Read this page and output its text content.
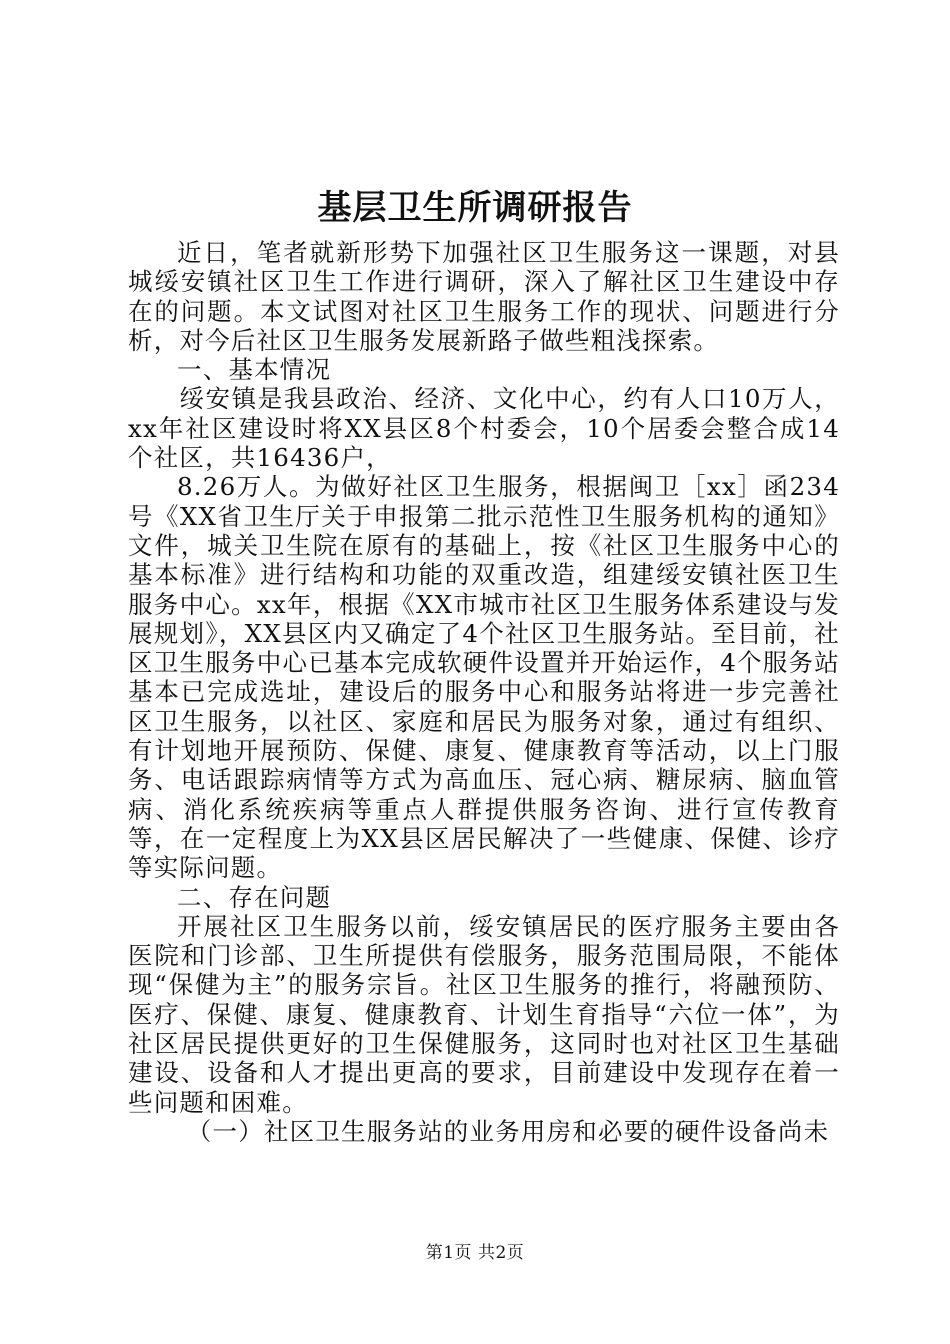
基层卫生所调研报告

近日，笔者就新形势下加强社区卫生服务这一课题，对县城绥安镇社区卫生工作进行调研，深入了解社区卫生建设中存在的问题。本文试图对社区卫生服务工作的现状、问题进行分析，对今后社区卫生服务发展新路子做些粗浅探索。

一、基本情况

绥安镇是我县政治、经济、文化中心，约有人口10万人，xx年社区建设时将XX县区8个村委会，10个居委会整合成14个社区，共16436户，

8.26万人。为做好社区卫生服务，根据闽卫［xx］函234号《XX省卫生厅关于申报第二批示范性卫生服务机构的通知》文件，城关卫生院在原有的基础上，按《社区卫生服务中心的基本标准》进行结构和功能的双重改造，组建绥安镇社医卫生服务中心。xx年，根据《XX市城市社区卫生服务体系建设与发展规划》，XX县区内又确定了4个社区卫生服务站。至目前，社区卫生服务中心已基本完成软硬件设置并开始运作，4个服务站基本已完成选址，建设后的服务中心和服务站将进一步完善社区卫生服务，以社区、家庭和居民为服务对象，通过有组织、有计划地开展预防、保健、康复、健康教育等活动，以上门服务、电话跟踪病情等方式为高血压、冠心病、糖尿病、脑血管病、消化系统疾病等重点人群提供服务咨询、进行宣传教育等，在一定程度上为XX县区居民解决了一些健康、保健、诊疗等实际问题。

二、存在问题

开展社区卫生服务以前，绥安镇居民的医疗服务主要由各医院和门诊部、卫生所提供有偿服务，服务范围局限，不能体现“保健为主”的服务宗旨。社区卫生服务的推行，将融预防、医疗、保健、康复、健康教育、计划生育指导“六位一体”，为社区居民提供更好的卫生保健服务，这同时也对社区卫生基础建设、设备和人才提出更高的要求，目前建设中发现存在着一些问题和困难。

（一）社区卫生服务站的业务用房和必要的硬件设备尚未

第1页 共2页
